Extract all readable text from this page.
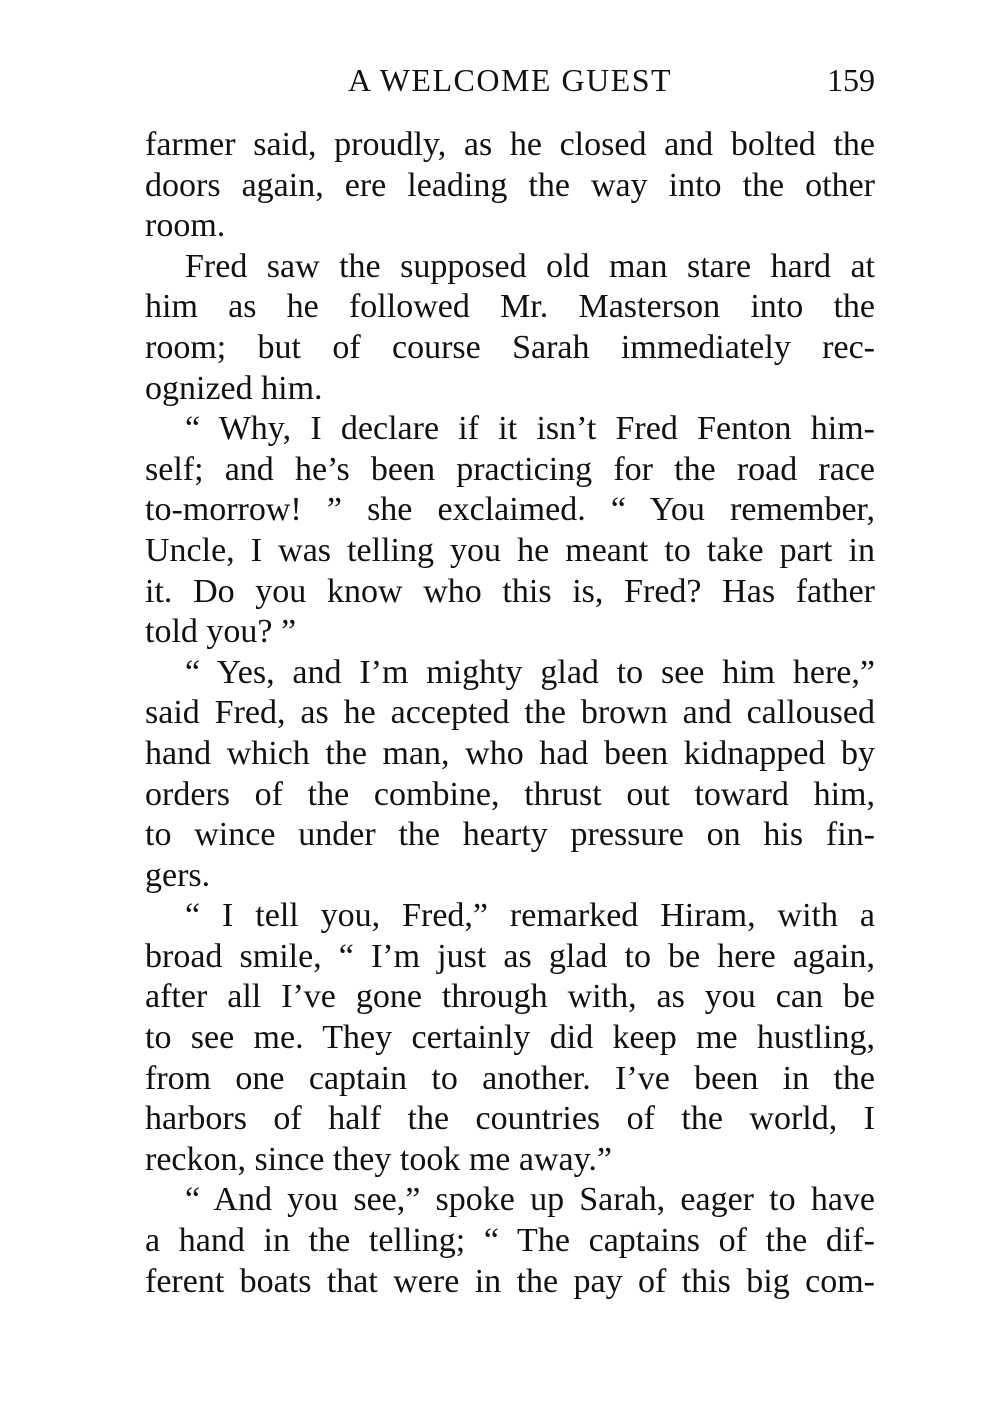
A WELCOME GUEST	159
farmer said, proudly, as he closed and bolted the
doors again, ere leading the way into the other
room.
Fred saw the supposed old man stare hard at
him as he followed Mr. Masterson into the
room; but of course Sarah immediately rec-
ognized him.
“ Why, I declare if it isn’t Fred Fenton him-
self; and he’s been practicing for the road race
to-morrow! ” she exclaimed. “ You remember,
Uncle, I was telling you he meant to take part in
it. Do you know who this is, Fred? Has father
told you? ”
“ Yes, and I’m mighty glad to see him here,”
said Fred, as he accepted the brown and calloused
hand which the man, who had been kidnapped by
orders of the combine, thrust out toward him,
to wince under the hearty pressure on his fin-
gers.
“ I tell you, Fred,” remarked Hiram, with a
broad smile, “ I’m just as glad to be here again,
after all I’ve gone through with, as you can be
to see me. They certainly did keep me hustling,
from one captain to another. I’ve been in the
harbors of half the countries of the world, I
reckon, since they took me away.”
“ And you see,” spoke up Sarah, eager to have
a hand in the telling; “ The captains of the dif-
ferent boats that were in the pay of this big com-
